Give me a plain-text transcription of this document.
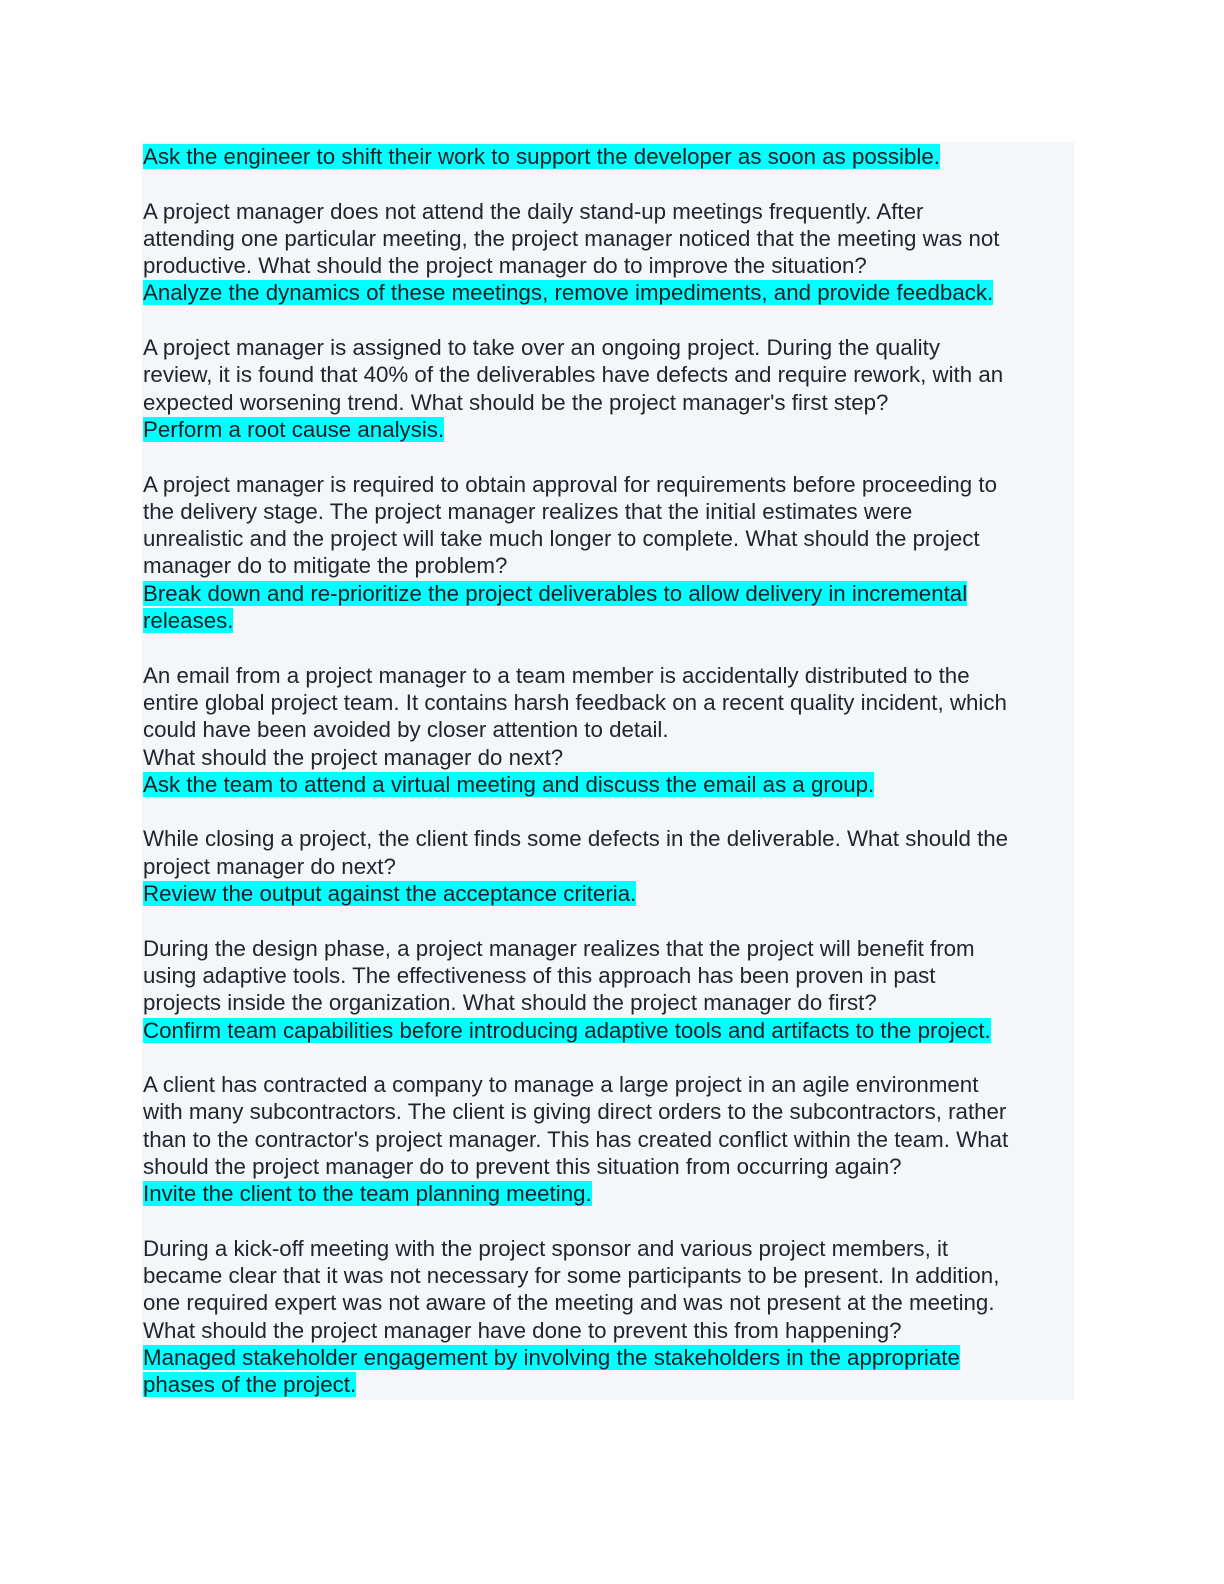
Ask the engineer to shift their work to support the developer as soon as possible.
A project manager does not attend the daily stand-up meetings frequently. After
attending one particular meeting, the project manager noticed that the meeting was not
productive. What should the project manager do to improve the situation?
Analyze the dynamics of these meetings, remove impediments, and provide feedback.
A project manager is assigned to take over an ongoing project. During the quality
review, it is found that 40% of the deliverables have defects and require rework, with an
expected worsening trend. What should be the project manager's first step?
Perform a root cause analysis.
A project manager is required to obtain approval for requirements before proceeding to
the delivery stage. The project manager realizes that the initial estimates were
unrealistic and the project will take much longer to complete. What should the project
manager do to mitigate the problem?
Break down and re-prioritize the project deliverables to allow delivery in incremental
releases.
An email from a project manager to a team member is accidentally distributed to the
entire global project team. It contains harsh feedback on a recent quality incident, which
could have been avoided by closer attention to detail.
What should the project manager do next?
Ask the team to attend a virtual meeting and discuss the email as a group.
While closing a project, the client finds some defects in the deliverable. What should the
project manager do next?
Review the output against the acceptance criteria.
During the design phase, a project manager realizes that the project will benefit from
using adaptive tools. The effectiveness of this approach has been proven in past
projects inside the organization. What should the project manager do first?
Confirm team capabilities before introducing adaptive tools and artifacts to the project.
A client has contracted a company to manage a large project in an agile environment
with many subcontractors. The client is giving direct orders to the subcontractors, rather
than to the contractor's project manager. This has created conflict within the team. What
should the project manager do to prevent this situation from occurring again?
Invite the client to the team planning meeting.
During a kick-off meeting with the project sponsor and various project members, it
became clear that it was not necessary for some participants to be present. In addition,
one required expert was not aware of the meeting and was not present at the meeting.
What should the project manager have done to prevent this from happening?
Managed stakeholder engagement by involving the stakeholders in the appropriate
phases of the project.
